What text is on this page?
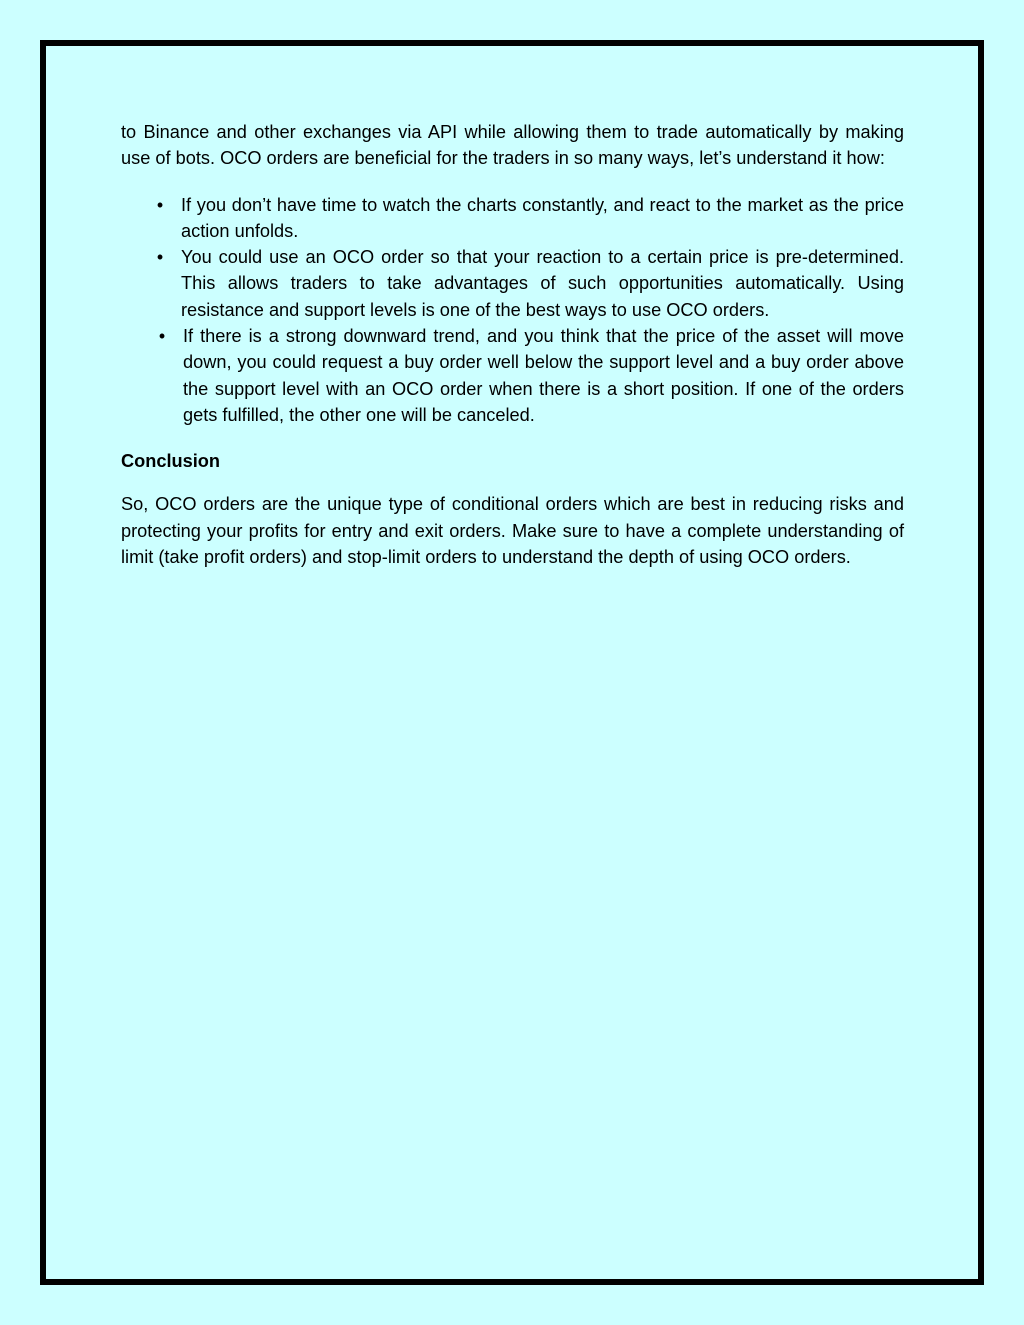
to Binance and other exchanges via API while allowing them to trade automatically by making use of bots. OCO orders are beneficial for the traders in so many ways, let’s understand it how:

• If you don’t have time to watch the charts constantly, and react to the market as the price action unfolds.
• You could use an OCO order so that your reaction to a certain price is pre-determined. This allows traders to take advantages of such opportunities automatically. Using resistance and support levels is one of the best ways to use OCO orders.
• If there is a strong downward trend, and you think that the price of the asset will move down, you could request a buy order well below the support level and a buy order above the support level with an OCO order when there is a short position. If one of the orders gets fulfilled, the other one will be canceled.
Conclusion

So, OCO orders are the unique type of conditional orders which are best in reducing risks and protecting your profits for entry and exit orders. Make sure to have a complete understanding of limit (take profit orders) and stop-limit orders to understand the depth of using OCO orders.
